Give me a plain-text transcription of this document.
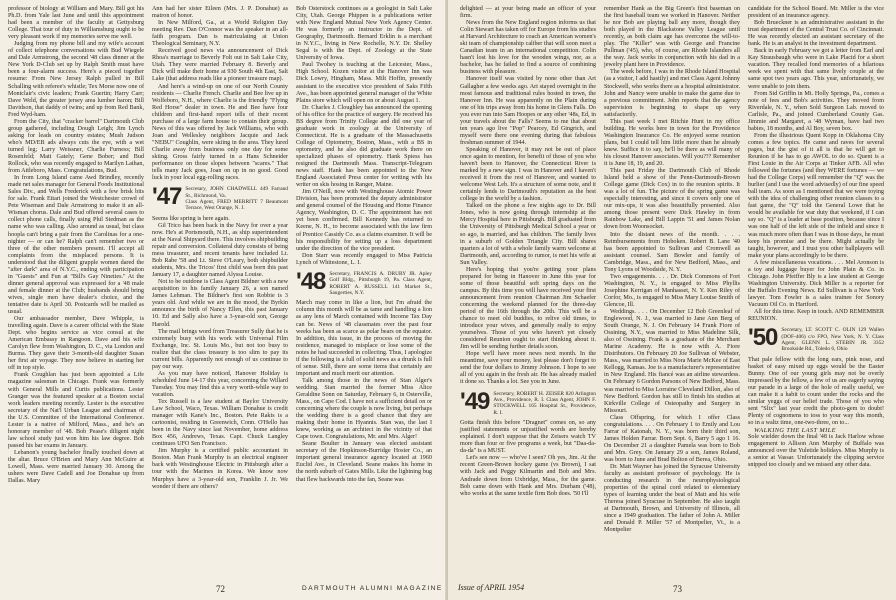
professor of biology at William and Mary. Bill got his Ph.D. from Yale last June and until this appointment had been a member of the faculty at Gettysburg College. That tour of duty in Williamsburg ought to be very pleasant work if my memories serve me well.

Judging from my phone bill and my wife's account of collect telephone conversations with Bud Wiegele and Dale Armstrong, the second '48 class dinner at the New York D-Club set up by Ralph Smith must have been a four-alarm success. Here's a pieced together resume: From New Jersey Ralph pulled in Bill Schalling with referee's whistle; Tex Morse now one of Montclair's civic leaders; Frank Guertin; Harry Carr; Dave Weld, the greater jersey area lumber baron; Bill Davidson, that daddy of twins; and up from Red Bank, Fred Wyd-ham.

From the City, that "cracker barrel" Dartmouth Club group gathered, including Dough Leigh; Jim Lynch asking for leads on country estates; Mush Judson who's MD/EB ads always cuts the eye, with a wet turned leg; Larry Weissner, Charlie Furness; Bill Rosenfeld; Matt Gately; Gene Bober; and Bud Rollock, who was recently engaged to Marilyn Lathan, from Attleboro, Mass. Congratulations, Bud.

In from Long Island came Awd Brindley, recently made net sales manager for General Foods Institutional Sales Div., and Wells Frederick with a few brisk bits for sale. Frank Ettari joined the Westchester crowd of Pete Wiseman and Dale Armstrong to make it an all-Wisman chorus. Dale and Bud offered several cases to collect phone calls, finally using Phil Stedman as the name who was calling. Also around as usual, but class hoopla can't bring a pair from the Carolinas for a one-nighter — or can he? Ralph can't remember two or three of the other members present. I'll accept all complaints from the misplaced persons. It is understood that the diligent grapple women dared the "after dark" area of N.Y.C., ending with participation in "Guests" and Fun at "Bill's Gay Nineties." At the dinner general approval was expressed for a '48 male and female dinner at the Club; husbands should bring wives, single men have dealer's choice, and the tentative date is April 30. Postcards will be mailed as usual.

Our ambassador member, Dave Whipple, is travelling again. Dave is a career official with the State Dept. who begins service as vice consul at the American Embassy in Rangoon. Dave and his wife Carolyn flew from Washington, D. C., via London and Burma. They gave their 3-month-old daughter Susan her first air voyage. They now believe in starting her off in top style.

Frank Coughlan has just been appointed a Life magazine salesman in Chicago. Frank was formerly with General Mills and Curtis publications. Lester Granger was the featured speaker at a Boston social work leaders meeting recently. Lester is the executive secretary of the Nat'l Urban League and chairman of the U.S. Committee of the International Conference. Lester is a native of Milford, Mass., and he's an honorary member of '48. Bob Pease's diligent night law school study just won him his law degree. Bob passed his bar exams in January.

Lebanon's young bachelor finally touched down at the altar. Bruce O'Brien and Mary Ann McGuire at Lowell, Mass. were married January 30. Among the ushers were Dave Cadell and Joe Donahue up from Dallas. Mary

Ann had her sister Eileen (Mrs. J. P. Donahue) as matron of honor.

In New Milford, Ga., at a World Religion Day meeting Rev. Dan O'Connor was the speaker in an all-faith program. Dan is matriculating at Union Theological Seminary, N.Y.

Received good news via announcement of Dick Rhoa's marriage to Beverly Folt out in Salt Lake City, Utah. They were married February 8. Beverly and Dick will make their home at 930 South 4th East, Salt Lake (that address reads like a pioneer treasure map).

And here's a wind-up on one of our North County residents — Charlie French. Charlie and Bee live up in Wolfeboro, N.H., where Charlie is the friendly "Flying Red Horse" dealer in town. He and Bee have four children and first-hand report tells of their recent purchase of a large farm house to contain their group. News of this was offered by Jack Williams, who with Joan and Wellesley neighbors Jacquie and Jack "NEBU" Coughlin, were skiing in the area. They lured Charlie away from business only one day for some skiing. Gross fairly turned in a Hans Schneider performance on those slopes between "scares." That tells many Jack goes, Joan on up in no good. Good luck in your local egg-rolling races.

'47 Secretary, JOHN CHADWELL 449 Farrand St., Richmond, Va.
Class Agent, FRED MERRITT 7 Beaumont Terrace, West Orange, N. J.

Seems like spring is here again.

Gil Trico has been back in the Navy for over a year now. He's at Portsmouth, N.H., as ship superintendent at the Naval Shipyard there. This involves shipbuilding repair and conversion. Collateral duty consists of being mess treasurer, and recent tenants have included Lt. Bob Rabe '58 and Lt. Steve O'Leary, both shipbuilder students, Mrs. the Tricos' first child was born this past January 17, a daughter named Alyssa Louise.

Not to be outdone is Class Agent Bildner with a new acquisition to his family January 26, a son named James Lehman. The Bildner's first son Robbie is 3 years old. And while we are in the mood, the Byrkin announce the birth of Nancy Ellen, this past January 10. Ed and Sally also have a 3-year-old son, George Harold.

The mail brings word from Treasurer Sully that he is extremely busy with his work with Universal Film Exchange, Inc. St. Louis Mo., but not too busy to realize that the class treasury is too slim to pay its current bills. Apparently not enough of us continue to pay our way.

As you may have noticed, Hanover Holiday is scheduled June 14-17 this year, concerning the Willard Tuesday. You may find this a very worth-while way to vacation.

Tex Russell is a law student at Baylor University Law School, Waco, Texas. William Donahue is credit manager with Kane's Inc., Boston. Pete Rakis is a cartoonist, residing in Greenwich, Conn. O'Hello has been in the Navy since last November, home address Box 456, Andrews, Texas. Capt. Chuck Langley continues UFO Sen Francisco.

Jim Murphy is a certified public accountant in Boston. Man Frank Murphy is an electrical engineer back with Westinghouse Electric in Pittsburgh after a tour with the Marines in Korea. We know now Murphys have a 3-year-old son, Franklin J. Jr. We wonder if there are others?

Bob Osterstock continues as a geologist in Salt Lake City, Utah. George Phippen is a publications writer with New England Mutual New York Agency Center. He was formerly an instructor in the Dept. of Geography, Dartmouth. Bernard Erklin is a merchant in N.Y.C., living in New Rochelle, N.Y. Dr. Shelley Segal is with the Dept. of Zoology at the State University of Iowa.

Paul Twohey is teaching at the Leicester, Mass., High School. Kozen visitor at the Hanover Inn was Dick Lowry, Hingham, Mass. Milt Hoffin, presently assistant to the executive vice president of Saks Fifth Ave., has been appointed general manager of the White Plains store which will open on or about August 1.

Dr. Charles J. Cloughley has announced the opening of his office for the practice of surgery. He received his BS degree from Trinity College and did one year of graduate work in zoology at the University of Connecticut. He is a graduate of the Massachusetts College of Optometry, Boston, Mass., with a BS in optometry, and he also did graduate work there on specialized phases of optometry. Hank Spiess has resigned the Dartmouth Mass. Transcript-Telegram news staff. Hank has been appointed to the New England Associated Press center for writing with his writer on skis hosing in Ranger, Maine.

Jim O'Neill, now with Westinghouse Atomic Power Division, has been promoted the deputy administrator and general counsel of the Housing and Home Finance Agency, Washington, D. C. The appointment has not yet been confirmed. Bill Kennedy has returned to Keene, N. H., to become associated with the law firm of Prentice Cassidy Co. as a claims examiner. It will be his responsibility for setting up a loss department under the direction of the vice president.

Don Starr was recently engaged to Miss Patricia Lynch of Whitestone, L. I.

'48 Secretary, FRANCIS A. DRURY JR. Apley Golf Bldg., Pittsburgh 19, Pa. Class Agent, ROBERT A. RUSSELL 141 Market St., Saugerties, N.Y.

March may come in like a lion, but I'm afraid the column this month will be as tame and handling a lion as any lens of March contained with Income Tax Day can be. News of '48 classmates over the past four weeks has been as scarce as polar bears on the equator. In addition, this issue, in the process of moving the residence, managed to misplace or lose some of the notes he had succeeded in collecting. Thus, I apologize if the following is a full of solid news as a drunk is full of sense. Still, there are some items that certainly are important and much merit our attention.

Talk among those in the news of Stan Alger's wedding. Stan married the former Miss Alice Geraldine Sonn on Saturday, February 6, in Osterville, Mass., on Cape Cod. I have not a sufficient detail on or concerning where the couple is now living, but perhaps the wedding there is a good chance that they are making their home in Hyannis. Stan was, the last I knew, working as an architect in the vicinity of that Cape town. Congratulations, Mr. and Mrs. Alger!

Seane Boulter in January was elected assistant secretary of the Hopkinson-Burridge Hosier Co., an important general insurance agency located at 1960 Euclid Ave., in Cleveland. Seane makes his home in the north suburb of Gates Mills. Like the lightning bug that flew backwards into the fan, Seane was

72	DARTMOUTH ALUMNI MAGAZINE

delighted — at your being made an officer of your firm.

News from the New England region informs us that Colin Stewart has taken off for Europe from his studies at Harvard Architecture to coach an American women's ski team of championship caliber that will soon meet a Canadian team in an international competition. Colin hasn't lost his love for the wooden wings, nor, as a bachelor, has he failed to find a source of combining business with pleasure.

Hanover itself was visited by none other than Art Gallagher a few weeks ago. Art stayed overnight in the most famous and traditional rules hosted in town, the Hanover Inn. He was apparently on the Plain during one of his trips away from his home in Glens Falls. Do you ever run into Sam Hoopes or any other '48s, Ed, in your travels about the Falls? Seems to me that about ten years ago live "Pop" Pearcey, Ed Gingrich, and myself were there one evening during that fabulous freshman summer of 1944.

Speaking of Hanover, it may not be out of place once again to mention, for benefit of those of you who haven't been to Hanover, the Connecticut River is marked by a new sign. I was in Hanover and I haven't received it from the rest of Hanover, and wanted to welcome West Leb. It's a structure of some note, and it certainly lends to Dartmouth's reputation as the best college in the world by a fashion.

Talked on the phone a few nights ago to Dr. Bill Jones, who is now going through internship at the Mercy Hospital here in Pittsburgh. Bill graduated from the University of Pittsburgh Medical School a year or so ago, is married, and has children. The family lives in a suburb of Golden Triangle City. Bill shares quarters a lot of with a whole family warm welcome at Dartmouth, and, according to rumor, is met his wife at Sun Valley.

Here's hoping that you're getting your plans prepared for being in Hanover in June this year for some of those beautiful soft spring days on the campus. By this time you will have received your first announcement from reunion Chairman Jim Schaefer concerning the weekend planned for the three-day period of the 16th through the 20th. This will be a chance to meet old buddies, to relive old times, to introduce your wives, and generally really to enjoy yourselves. Those of you who haven't yet closely considered Reunion ought to start thinking about it. Jim will be sending further details soon.

Hope we'll have more news next month. In the meantime, save your money, lest please don't forget to send the four dollars to Jimmy Johnson. I hope to see all of you again in the fresh air. He has already mailed it done so. Thanks a lot. See you in June.

'49 Secretary, ROBERT H. ZEISER 820 Arlington Ave., Providence, R. I. Class Agent, JOHN F. STOCKWELL 165 Hospital St., Providence, R. I.

Gotta finish this before "Dragnet" comes on, so any justified statements or unjustified words are hereby explained. I don't suppose that the Zeisers watch TV more than four or five programs a week, but "Daa-da-da-da" is a MUST.

Let's see now — who've I seen? Oh yes, Jim. At the recent Green-Brown hockey game (vs Brown), I sat with Jack and Peggy Kilmartin and Bob and Mrs. Andrade down from Uxbridge, Mass., for the game. Bob came down with Hank and Mrs. Durham ('48), who works at the same textile firm Bob does. '50 I'll

remember Hank as the Big Green's first baseman on the first baseball team we worked in Hanover. Neither he nor Bob are playing ball any more, though they both played in the Blackstone Valley League until recently, as both claim age has overcome the will-to-play. The "Killer" was with George and Francine Pullman ('45), who, of course, are Rhode Islanders all the way. Jack works in conjunction with his dad in a jewelry plant here in Providence.

The week before, I was in the Rhode Island Hospital (as a visitor, I add hastily) and met Class Agent Johnny Stockwell, who works there as a hospital administrator. John and Nancy were unable to make the game due to a previous commitment. John reports that the agency supervision is beginning to shape up very satisfactorily.

This past week I met Ritchie Hunt in my office building. He works here in town for the Providence Washington Insurance Co. He enjoyed some reunion plans, but I could tell him little more than he already knew. Suffice it to say, he'll be there as will many of his closest Hanover associates. Will you??? Remember it is June 18, 19, and 20.

This past Friday the Dartmouth Club of Rhode Island held a show of the Penn-Dartmouth-Brown College game (Dick Cox) in to the reunion spirits. It was a lot of fun. The picture of the spring game was especially interesting, and since it covers only one of our mix-ups, it was also beautifully presented. Also among those present were Dick Hawley in from Rainbow Lake, and Bill Lappin '51 and James Nolan down from Woonsocket.

Into the distant news of the month. . . . Reimbursements from Hoboken. Robert B. Lane '40 has been appointed to Sullivan and Cromwell as assistant counsel. Sam Bowler and family of Cambridge, Mass., and for New Bedford, Mass., and Tony Lyons of Woodside, N. Y.

Two engagements. . . . Dr. Dick Commons of Fort Washington, N. Y., is engaged to Miss Phyllis Josephine Kerrigan of Manhasset, N. Y. Ken Riley of Corfor, Mo., is engaged to Miss Mary Louise Smith of Glencoe, Ill.

Weddings. . . . On December 12 Bob Greenleaf of Englewood, N. J., was married to Jane Ann Berg of South Orange, N. J. On February 14 Frank Fiore of Ossining, N.Y., was married to Miss Madeline Silk, also of Ossining. Frank is a graduate of the Merchant Marine Academy. He is now with A. Fiore Distributors. On February 20 Joe Sullivan of Webster, Mass., was married to Miss Nora Marie McKee of East Kellogg, Kansas. Joe is a manufacturer's representative in New England. His fiancé was an airline stewardess. On February 6 Gordon Parsons of New Bedford, Mass. was married to Miss Lorraine Cleveland Dillon, also of New Bedford. Gordon has still to finish his studies at Kirkville College of Osteopathy and Surgery in Missouri.

Class Offspring, for which I offer Class congratulations. . . . On February 1 to Emily and Lou Farrar of Katonah, N. Y., was born their third son, James Holden Farrar. Born Sept. 6, Barry 5 ago 1 16. On December 21 a daughter Pamela was born to Bob and Mrs. Grey. On January 29 a son, James Roland, was born to June and Brad Bolton of Berea, Ohio.

Dr. Matt Wayner has joined the Syracuse University faculty as assistant professor of psychology. He is conducting research in the neurophysiological properties of the spinal cord related to elementary types of learning under the beat of Matt and his wife Theresa joined Syracuse in September. He also taught at Dartmouth, Brown, and University of Illinois, all since a 1949 graduation. The father of John A. Miller and Donald P. Miller '57 of Montpelier, Vt., is a Montpelier

candidate for the School Board. Mr. Miller is the vice president of an insurance agency.

Bob Brueckner is an administrative assistant in the trust department of the Central Trust Co. of Cincinnati. He was recently elected an assistant secretary of the bank. He is an analyst in the investment department.

Back in early February we got a letter from Earl and Kay Strausbaugh who were in Lake Placid for a short vacation. They recalled fond memories of a hilarious week we spent with that same lively couple at the same spot two years ago. This year, unfortunately, we were unable to join them.

From Sid Griffin in Mt. Holly Springs, Pa., comes a note of fees and Bob's activities. They moved from Riverdale, N. Y., when Sold Surgeon Lab. moved to Carlisle, Pa., and joined Cumberland County Gas. Jimmie and Margaret, a '48 Wyman, have had two babies, 18 months, and Al Boy, seven box.

From the illustrious Quent Kopp in Oklahoma City comes a few topics. He came and raves for several pages, but the gist of it all is that he will get to Reunion if he has to go AWOL to do so. Quent is a First Louie in the Air Corps at Tinker AFB. All who followed the fortunes (and they WERE fortunes — we had the College Corps) will remember the "Q" was the burlier (and I use the word advisedly) of our fine speed ball team. As soon as I mentioned that we were toying with the idea of challenging other reunion classes to a fast game, the "Q" told the General Lowe that he would be available for war duty that weekend, if I can say so. "Q" is a leader at base position, because since I was one half of the left side of the infield and since it was much more often than I was in those days, he must keep his promise and be there. Might actually be taught, however, and I trust you other ballplayers will make your plans accordingly to be there.

A few miscellaneous vocations. . . . Mel Aronson is a toy and luggage buyer for John Plain & Co. in Chicago. John Pfeiffer Bly is a law student at George Washington University. Dick Miller is a reporter for the Buffalo Evening News. Ed Sullivan is a New York lawyer. Tom Fowler is a sales trainee for Sonory Vacuum Oil Co. in Hartford.

All for this time. Keep in touch. AND REMEMBER REUNION.

'50 Secretary, LT. SCOTT C. OLIN 129 Wallen (DOF-406) c/o FPO, New York, N. Y. Class Agent, GLENN L. STEBIN JR. 3352 Brookside Rd., Toledo 6, Ohio

That pale fellow with the long ears, pink nose, and basket of easy mixed up eggs would be the Easter Bunny. One of our young girls may not be overly impressed by the fellow, a few of us are eagerly saying our parade in a large of the hole of really useful, we can make it a habit to count under the rocks and the similar yeggs of our belief trade. Those of you who sent "Slix" last year credit the photo-gem to doubt! Plenty of cognomens to toss to your way this month, so in a waltz time, one-two-three, on to...

WALKING THE LAST MILE

Sole wielder down the final '48 is Jack Harlow whose engagement to Allison Ann Murphy of Buffalo was announced over the Yuletide holidays. Miss Murphy is a senior at Vassar. Unfortunately the clipping service snipped too closely and we missed any other data.

Issue of APRIL 1954	73
